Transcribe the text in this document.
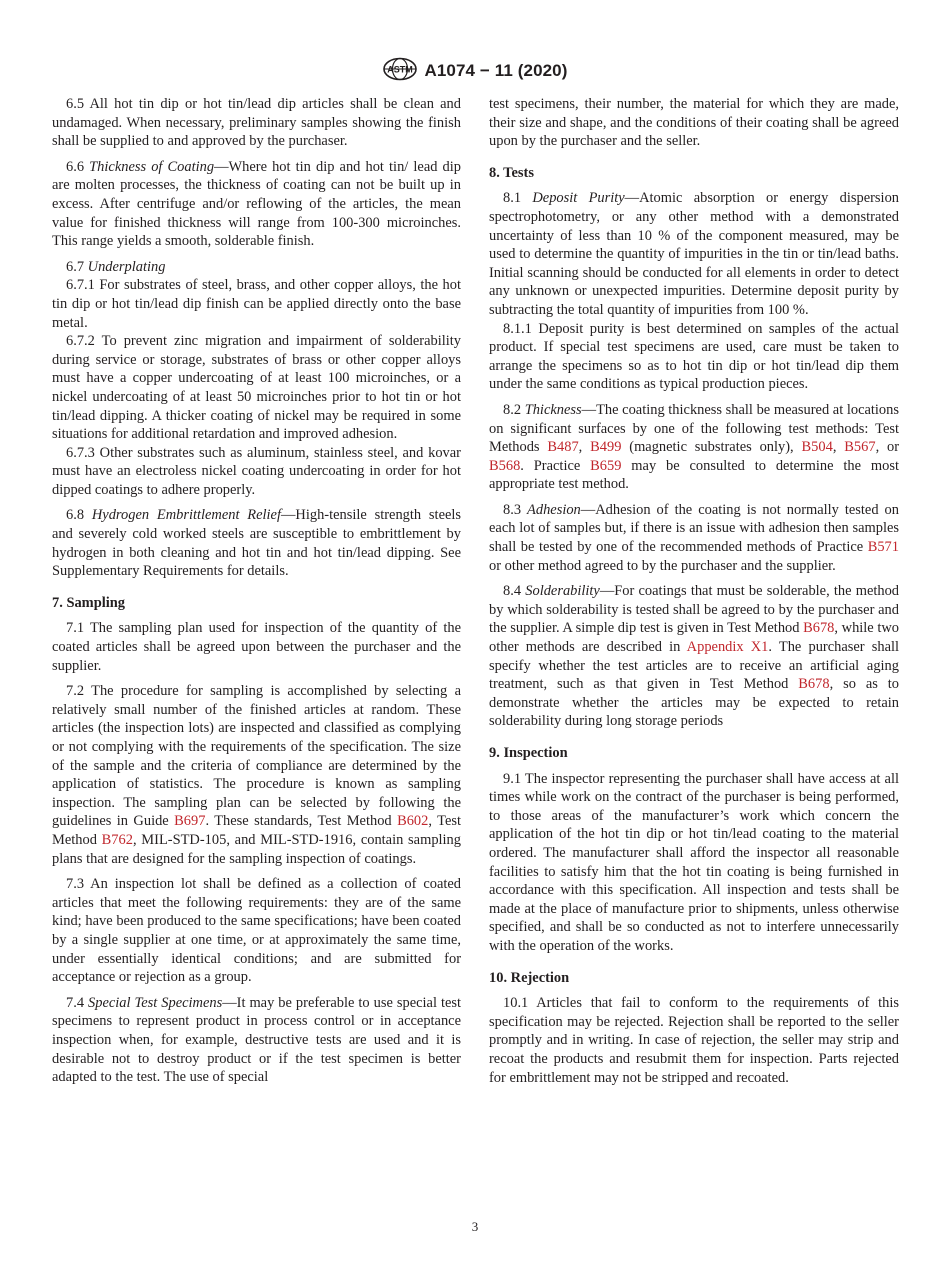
ASTM A1074 − 11 (2020)

6.5 All hot tin dip or hot tin/lead dip articles shall be clean and undamaged. When necessary, preliminary samples showing the finish shall be supplied to and approved by the purchaser.

6.6 Thickness of Coating—Where hot tin dip and hot tin/ lead dip are molten processes, the thickness of coating can not be built up in excess. After centrifuge and/or reflowing of the articles, the mean value for finished thickness will range from 100-300 microinches. This range yields a smooth, solderable finish.

6.7 Underplating

6.7.1 For substrates of steel, brass, and other copper alloys, the hot tin dip or hot tin/lead dip finish can be applied directly onto the base metal.

6.7.2 To prevent zinc migration and impairment of solderability during service or storage, substrates of brass or other copper alloys must have a copper undercoating of at least 100 microinches, or a nickel undercoating of at least 50 microinches prior to hot tin or hot tin/lead dipping. A thicker coating of nickel may be required in some situations for additional retardation and improved adhesion.

6.7.3 Other substrates such as aluminum, stainless steel, and kovar must have an electroless nickel coating undercoating in order for hot dipped coatings to adhere properly.

6.8 Hydrogen Embrittlement Relief—High-tensile strength steels and severely cold worked steels are susceptible to embrittlement by hydrogen in both cleaning and hot tin and hot tin/lead dipping. See Supplementary Requirements for details.

7. Sampling

7.1 The sampling plan used for inspection of the quantity of the coated articles shall be agreed upon between the purchaser and the supplier.

7.2 The procedure for sampling is accomplished by selecting a relatively small number of the finished articles at random. These articles (the inspection lots) are inspected and classified as complying or not complying with the requirements of the specification. The size of the sample and the criteria of compliance are determined by the application of statistics. The procedure is known as sampling inspection. The sampling plan can be selected by following the guidelines in Guide B697. These standards, Test Method B602, Test Method B762, MIL-STD-105, and MIL-STD-1916, contain sampling plans that are designed for the sampling inspection of coatings.

7.3 An inspection lot shall be defined as a collection of coated articles that meet the following requirements: they are of the same kind; have been produced to the same specifications; have been coated by a single supplier at one time, or at approximately the same time, under essentially identical conditions; and are submitted for acceptance or rejection as a group.

7.4 Special Test Specimens—It may be preferable to use special test specimens to represent product in process control or in acceptance inspection when, for example, destructive tests are used and it is desirable not to destroy product or if the test specimen is better adapted to the test. The use of special

test specimens, their number, the material for which they are made, their size and shape, and the conditions of their coating shall be agreed upon by the purchaser and the seller.

8. Tests

8.1 Deposit Purity—Atomic absorption or energy dispersion spectrophotometry, or any other method with a demonstrated uncertainty of less than 10 % of the component measured, may be used to determine the quantity of impurities in the tin or tin/lead baths. Initial scanning should be conducted for all elements in order to detect any unknown or unexpected impurities. Determine deposit purity by subtracting the total quantity of impurities from 100 %.

8.1.1 Deposit purity is best determined on samples of the actual product. If special test specimens are used, care must be taken to arrange the specimens so as to hot tin dip or hot tin/lead dip them under the same conditions as typical production pieces.

8.2 Thickness—The coating thickness shall be measured at locations on significant surfaces by one of the following test methods: Test Methods B487, B499 (magnetic substrates only), B504, B567, or B568. Practice B659 may be consulted to determine the most appropriate test method.

8.3 Adhesion—Adhesion of the coating is not normally tested on each lot of samples but, if there is an issue with adhesion then samples shall be tested by one of the recommended methods of Practice B571 or other method agreed to by the purchaser and the supplier.

8.4 Solderability—For coatings that must be solderable, the method by which solderability is tested shall be agreed to by the purchaser and the supplier. A simple dip test is given in Test Method B678, while two other methods are described in Appendix X1. The purchaser shall specify whether the test articles are to receive an artificial aging treatment, such as that given in Test Method B678, so as to demonstrate whether the articles may be expected to retain solderability during long storage periods

9. Inspection

9.1 The inspector representing the purchaser shall have access at all times while work on the contract of the purchaser is being performed, to those areas of the manufacturer’s work which concern the application of the hot tin dip or hot tin/lead coating to the material ordered. The manufacturer shall afford the inspector all reasonable facilities to satisfy him that the hot tin coating is being furnished in accordance with this specification. All inspection and tests shall be made at the place of manufacture prior to shipments, unless otherwise specified, and shall be so conducted as not to interfere unnecessarily with the operation of the works.

10. Rejection

10.1 Articles that fail to conform to the requirements of this specification may be rejected. Rejection shall be reported to the seller promptly and in writing. In case of rejection, the seller may strip and recoat the products and resubmit them for inspection. Parts rejected for embrittlement may not be stripped and recoated.

3
